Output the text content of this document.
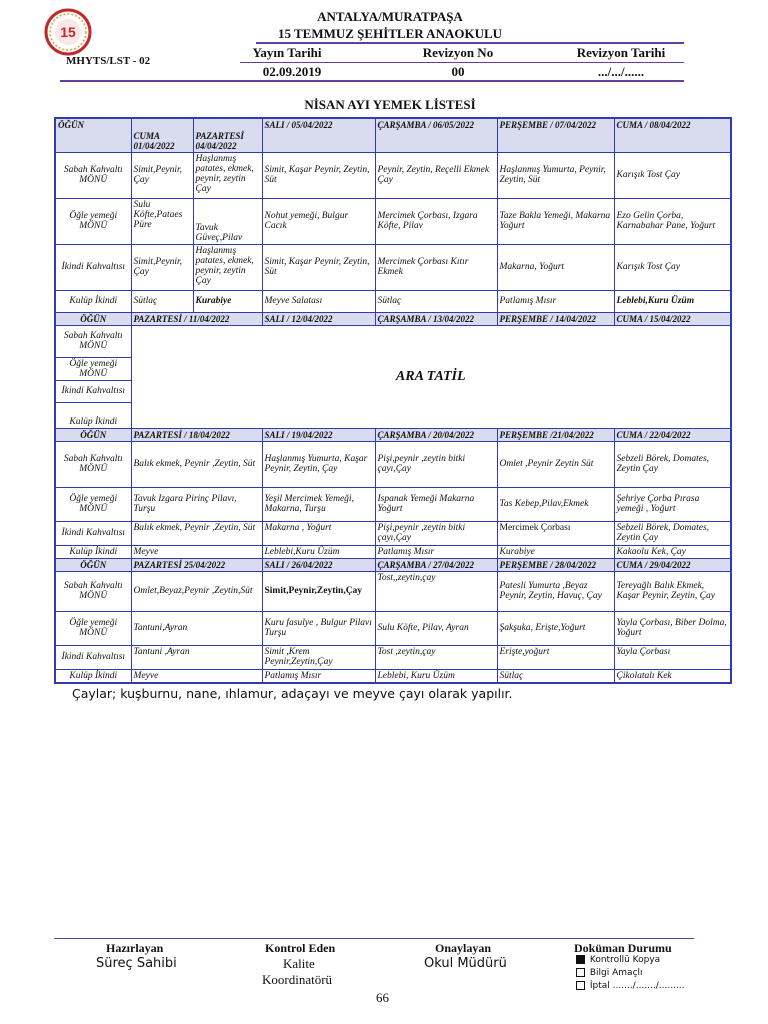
15
ANTALYA/MURATPAŞA
15 TEMMUZ ŞEHİTLER ANAOKULU
MHYTS/LST - 02
Yayın Tarihi	Revizyon No	Revizyon Tarihi
02.09.2019	00	.../.../......
NİSAN AYI YEMEK LİSTESİ
ÖĞÜN	CUMA 01/04/2022	PAZARTESİ 04/04/2022	SALI / 05/04/2022	ÇARŞAMBA / 06/05/2022	PERŞEMBE / 07/04/2022	CUMA / 08/04/2022
Sabah Kahvaltı MÖNÜ	Simit,Peynir, Çay	Haşlanmış patates, ekmek, peynir, zeytin Çay	Simit, Kaşar Peynir, Zeytin, Süt	Peynir, Zeytin, Reçelli Ekmek Çay	Haşlanmış Yumurta, Peynir, Zeytin, Süt	Karışık Tost Çay
Öğle yemeği MÖNÜ	Sulu Köfte,Pataes Püre	Tavuk Güveç,Pilav	Nohut yemeği, Bulgur Cacık	Mercimek Çorbası, Izgara Köfte, Pilav	Taze Bakla Yemeği, Makarna Yoğurt	Ezo Gelin Çorba, Karnabahar Pane, Yoğurt
İkindi Kahvaltısı	Simit,Peynir, Çay	Haşlanmış patates, ekmek, peynir, zeytin Çay	Simit, Kaşar Peynir, Zeytin, Süt	Mercimek Çorbası Kıtır Ekmek	Makarna, Yoğurt	Karışık Tost Çay
Kulüp İkindi	Sütlaç	Kurabiye	Meyve Salatası	Sütlaç	Patlamış Mısır	Leblebi,Kuru Üzüm
ÖĞÜN	PAZARTESİ / 11/04/2022		SALI / 12/04/2022	ÇARŞAMBA / 13/04/2022	PERŞEMBE / 14/04/2022	CUMA / 15/04/2022
Sabah Kahvaltı MÖNÜ	ARA TATİL					
Öğle yemeği MÖNÜ						
İkindi Kahvaltısı						
Kulüp İkindi						
ÖĞÜN	PAZARTESİ / 18/04/2022		SALI / 19/04/2022	ÇARŞAMBA / 20/04/2022	PERŞEMBE /21/04/2022	CUMA / 22/04/2022
Sabah Kahvaltı MÖNÜ	Balık ekmek, Peynir ,Zeytin, Süt		Haşlanmış Yumurta, Kaşar Peynir, Zeytin, Çay	Pişi,peynir ,zeytin bitki çayı,Çay	Omlet ,Peynir Zeytin Süt	Sebzeli Börek, Domates, Zeytin Çay
Öğle yemeği MÖNÜ	Tavuk Izgara Pirinç Pilavı, Turşu		Yeşil Mercimek Yemeği, Makarna, Turşu	Ispanak Yemeği Makarna Yoğurt	Tas Kebep,Pilav,Ekmek	Şehriye Çorba Pırasa yemeği , Yoğurt
İkindi Kahvaltısı	Balık ekmek, Peynir ,Zeytin, Süt		Makarna , Yoğurt	Pişi,peynir ,zeytin bitki çayı,Çay	Mercimek Çorbası	Sebzeli Börek, Domates, Zeytin Çay
Kulüp İkindi	Meyve		Leblebi,Kuru Üzüm	Patlamış Mısır	Kurabiye	Kakaolu Kek, Çay
ÖĞÜN	PAZARTESİ 25/04/2022		SALI / 26/04/2022	ÇARŞAMBA / 27/04/2022	PERŞEMBE / 28/04/2022	CUMA / 29/04/2022
Sabah Kahvaltı MÖNÜ	Omlet,Beyaz,Peynir ,Zeytin,Süt		Simit,Peynir,Zeytin,Çay	Tost,,zeytin,çay	Patesli Yumurta ,Beyaz Peynir, Zeytin, Havuç, Çay	Tereyağlı Balık Ekmek, Kaşar Peynir, Zeytin, Çay
Öğle yemeği MÖNÜ	Tantuni,Ayran		Kuru fasulye , Bulgur Pilavı Turşu	Sulu Köfte, Pilav, Ayran	Şakşuka, Erişte,Yoğurt	Yayla Çorbası, Biber Dolma, Yoğurt
İkindi Kahvaltısı	Tantuni ,Ayran		Simit ,Krem Peynir,Zeytin,Çay	Tost ,zeytin,çay	Erişte,yoğurt	Yayla Çorbası
Kulüp İkindi	Meyve		Patlamış Mısır	Leblebi, Kuru Üzüm	Sütlaç	Çikolatalı Kek
Çaylar; kuşburnu, nane, ıhlamur, adaçayı ve meyve çayı olarak yapılır.
Hazırlayan
Süreç Sahibi
Kontrol Eden
Kalite
Koordinatörü
Onaylayan
Okul Müdürü
Doküman Durumu
Kontrollü Kopya
Bilgi Amaçlı
İptal ......./......./.........
66
